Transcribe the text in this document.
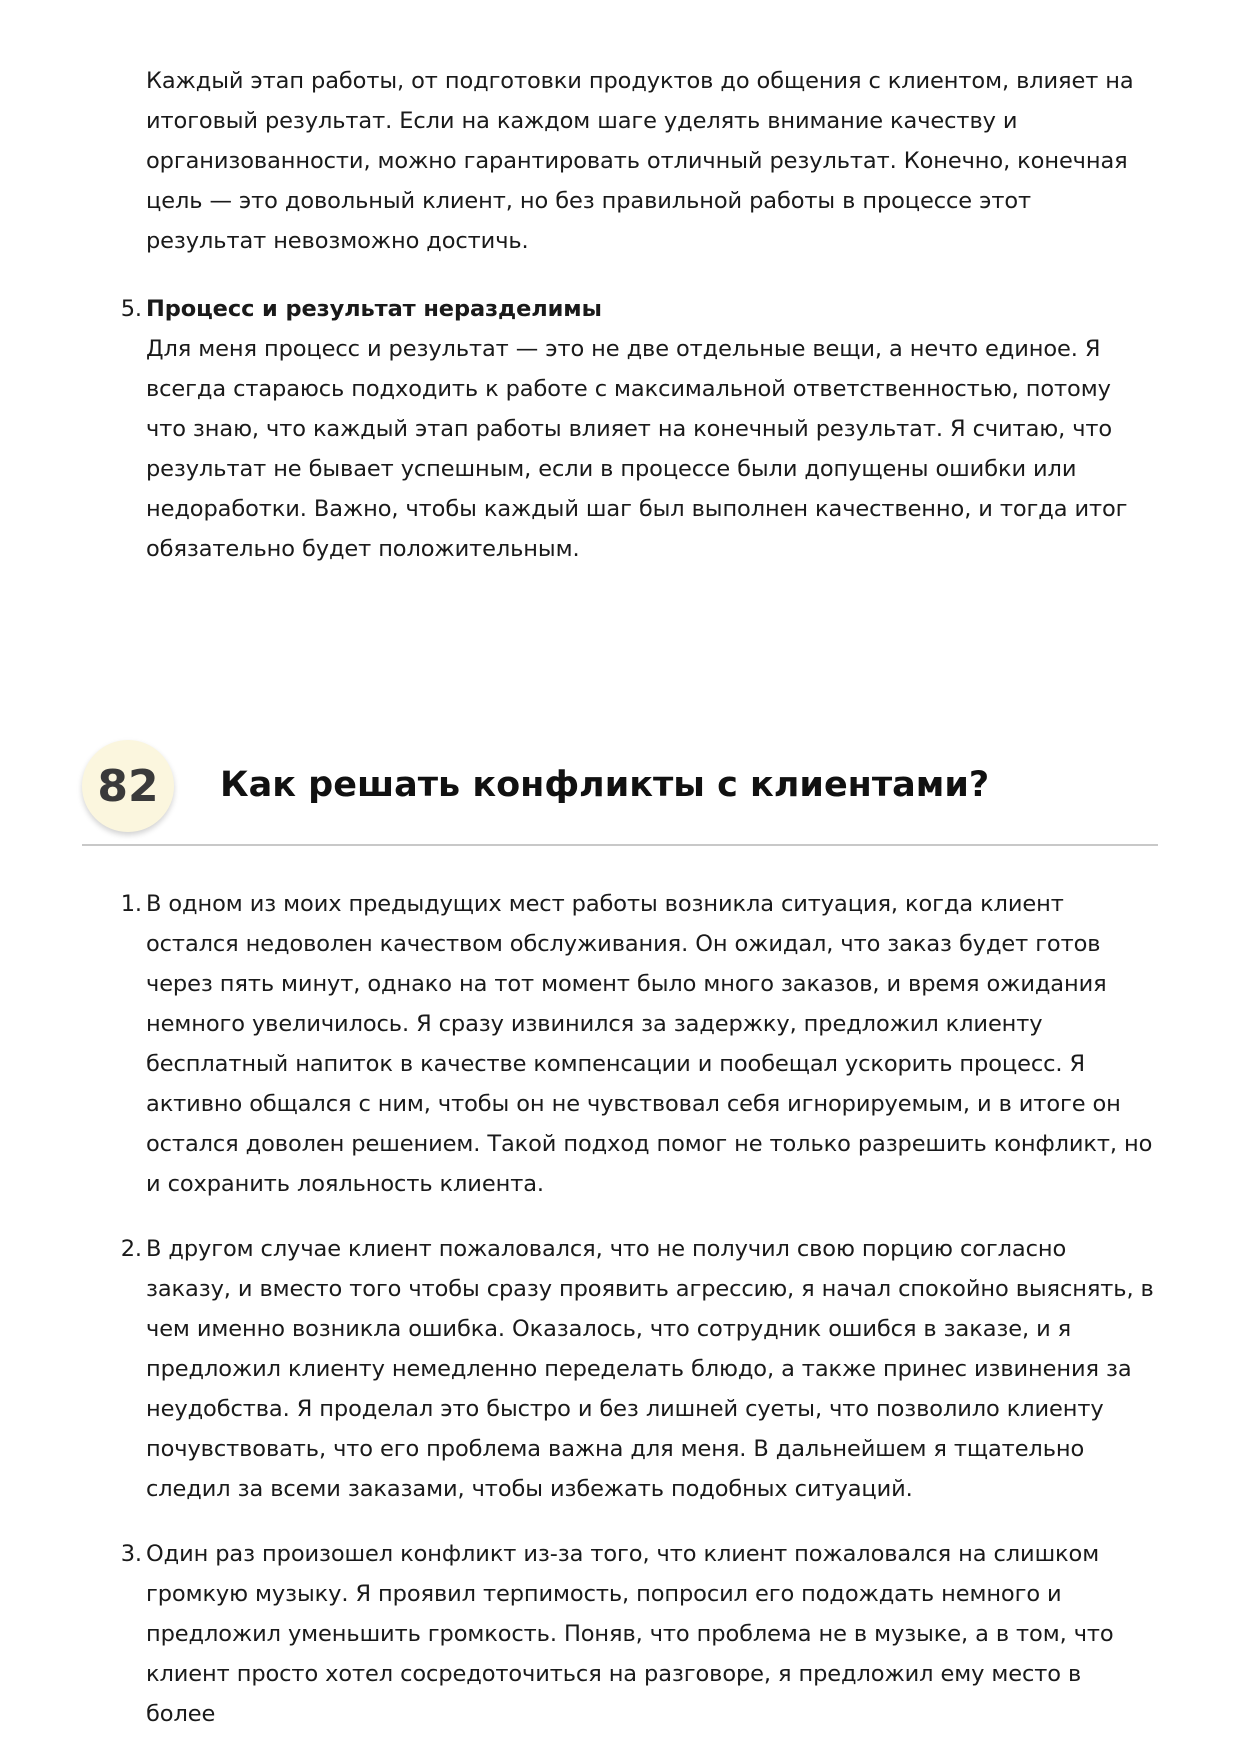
Каждый этап работы, от подготовки продуктов до общения с клиентом, влияет на итоговый результат. Если на каждом шаге уделять внимание качеству и организованности, можно гарантировать отличный результат. Конечно, конечная цель — это довольный клиент, но без правильной работы в процессе этот результат невозможно достичь.

5. Процесс и результат неразделимы
Для меня процесс и результат — это не две отдельные вещи, а нечто единое. Я всегда стараюсь подходить к работе с максимальной ответственностью, потому что знаю, что каждый этап работы влияет на конечный результат. Я считаю, что результат не бывает успешным, если в процессе были допущены ошибки или недоработки. Важно, чтобы каждый шаг был выполнен качественно, и тогда итог обязательно будет положительным.
82	Как решать конфликты с клиентами?
1. В одном из моих предыдущих мест работы возникла ситуация, когда клиент остался недоволен качеством обслуживания. Он ожидал, что заказ будет готов через пять минут, однако на тот момент было много заказов, и время ожидания немного увеличилось. Я сразу извинился за задержку, предложил клиенту бесплатный напиток в качестве компенсации и пообещал ускорить процесс. Я активно общался с ним, чтобы он не чувствовал себя игнорируемым, и в итоге он остался доволен решением. Такой подход помог не только разрешить конфликт, но и сохранить лояльность клиента.
2. В другом случае клиент пожаловался, что не получил свою порцию согласно заказу, и вместо того чтобы сразу проявить агрессию, я начал спокойно выяснять, в чем именно возникла ошибка. Оказалось, что сотрудник ошибся в заказе, и я предложил клиенту немедленно переделать блюдо, а также принес извинения за неудобства. Я проделал это быстро и без лишней суеты, что позволило клиенту почувствовать, что его проблема важна для меня. В дальнейшем я тщательно следил за всеми заказами, чтобы избежать подобных ситуаций.
3. Один раз произошел конфликт из-за того, что клиент пожаловался на слишком громкую музыку. Я проявил терпимость, попросил его подождать немного и предложил уменьшить громкость. Поняв, что проблема не в музыке, а в том, что клиент просто хотел сосредоточиться на разговоре, я предложил ему место в более
